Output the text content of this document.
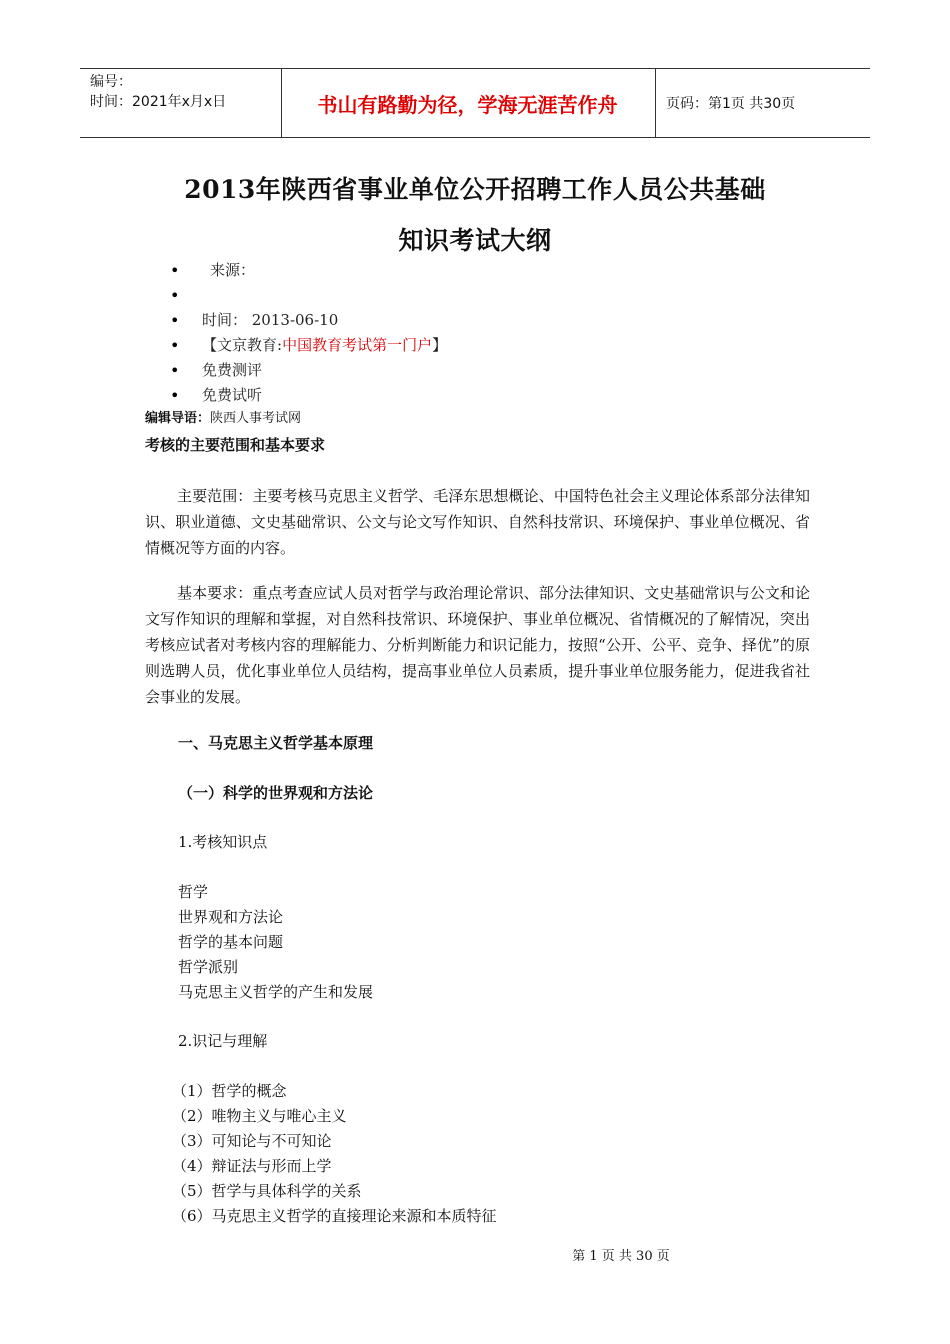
编号：
时间：2021年x月x日	书山有路勤为径，学海无涯苦作舟	页码：第1页 共30页
2013年陕西省事业单位公开招聘工作人员公共基础
知识考试大纲
• 来源：
•
• 时间： 2013-06-10
• 【文京教育:中国教育考试第一门户】
• 免费测评
• 免费试听
编辑导语：陕西人事考试网
考核的主要范围和基本要求
主要范围：主要考核马克思主义哲学、毛泽东思想概论、中国特色社会主义理论体系部分法律知识、职业道德、文史基础常识、公文与论文写作知识、自然科技常识、环境保护、事业单位概况、省情概况等方面的内容。
基本要求：重点考查应试人员对哲学与政治理论常识、部分法律知识、文史基础常识与公文和论文写作知识的理解和掌握，对自然科技常识、环境保护、事业单位概况、省情概况的了解情况，突出考核应试者对考核内容的理解能力、分析判断能力和识记能力，按照“公开、公平、竞争、择优”的原则选聘人员，优化事业单位人员结构，提高事业单位人员素质，提升事业单位服务能力，促进我省社会事业的发展。
一、马克思主义哲学基本原理
（一）科学的世界观和方法论
1.考核知识点
哲学
世界观和方法论
哲学的基本问题
哲学派别
马克思主义哲学的产生和发展
2.识记与理解
（1）哲学的概念
（2）唯物主义与唯心主义
（3）可知论与不可知论
（4）辩证法与形而上学
（5）哲学与具体科学的关系
（6）马克思主义哲学的直接理论来源和本质特征
第 1 页 共 30 页
